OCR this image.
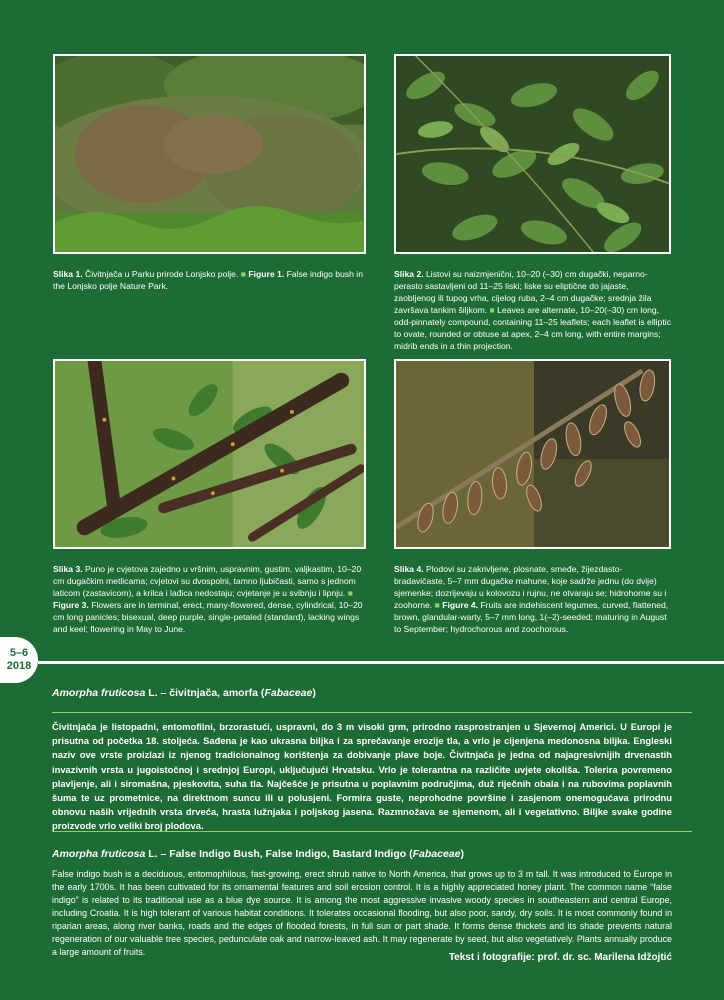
Slika 1. Čivitnjača u Parku prirode Lonjsko polje. ■ Figure 1. False indigo bush in the Lonjsko polje Nature Park.
Slika 2. Listovi su naizmjenični, 10–20 (–30) cm dugački, neparno-perasto sastavljeni od 11–25 liski; liske su eliptične do jajaste, zaobljenog ili tupog vrha, cijelog ruba, 2–4 cm dugačke; srednja žila završava tankim šiljkom. ■ Leaves are alternate, 10–20(–30) cm long, odd-pinnately compound, containing 11–25 leaflets; each leaflet is elliptic to ovate, rounded or obtuse at apex, 2–4 cm long, with entire margins; midrib ends in a thin projection.
Slika 3. Puno je cvjetova zajedno u vršnim, uspravnim, gustim, valjkastim, 10–20 cm dugačkim metlicama; cvjetovi su dvospolni, tamno ljubičasti, samo s jednom laticom (zastavicom), a krilca i lađica nedostaju; cvjetanje je u svibnju i lipnju. ■ Figure 3. Flowers are in terminal, erect, many-flowered, dense, cylindrical, 10–20 cm long panicles; bisexual, deep purple, single-petaled (standard), lacking wings and keel; flowering in May to June.
Slika 4. Plodovi su zakrivljene, plosnate, smeđe, žijezdasto-bradavičaste, 5–7 mm dugačke mahune, koje sadrže jednu (do dvije) sjemenke; dozrijevaju u kolovozu i rujnu, ne otvaraju se; hidrohorne su i zoohorne. ■ Figure 4. Fruits are indehiscent legumes, curved, flattened, brown, glandular-warty, 5–7 mm long, 1(–2)-seeded; maturing in August to September; hydrochorous and zoochorous.
5–6
2018
Amorpha fruticosa L. – čivitnjača, amorfa (Fabaceae)
Čivitnjača je listopadni, entomofilni, brzorastući, uspravni, do 3 m visoki grm, prirodno rasprostranjen u Sjevernoj Americi. U Europi je prisutna od početka 18. stoljeća. Sađena je kao ukrasna biljka i za sprečavanje erozije tla, a vrlo je cijenjena medonosna biljka. Engleski naziv ove vrste proizlazi iz njenog tradicionalnog korištenja za dobivanje plave boje. Čivitnjača je jedna od najagresivnijih drvenastih invazivnih vrsta u jugoistočnoj i srednjoj Europi, uključujući Hrvatsku. Vrlo je tolerantna na različite uvjete okoliša. Tolerira povremeno plavljenje, ali i siromašna, pjeskovita, suha tla. Najčešće je prisutna u poplavnim područjima, duž riječnih obala i na rubovima poplavnih šuma te uz prometnice, na direktnom suncu ili u polusjeni. Formira guste, neprohodne površine i zasjenom onemogućava prirodnu obnovu naših vrijednih vrsta drveća, hrasta lužnjaka i poljskog jasena. Razmnožava se sjemenom, ali i vegetativno. Biljke svake godine proizvode vrlo veliki broj plodova.
Amorpha fruticosa L. – False Indigo Bush, False Indigo, Bastard Indigo (Fabaceae)
False indigo bush is a deciduous, entomophilous, fast-growing, erect shrub native to North America, that grows up to 3 m tall. It was introduced to Europe in the early 1700s. It has been cultivated for its ornamental features and soil erosion control. It is a highly appreciated honey plant. The common name “false indigo” is related to its traditional use as a blue dye source. It is among the most aggressive invasive woody species in southeastern and central Europe, including Croatia. It is high tolerant of various habitat conditions. It tolerates occasional flooding, but also poor, sandy, dry soils. It is most commonly found in riparian areas, along river banks, roads and the edges of flooded forests, in full sun or part shade. It forms dense thickets and its shade prevents natural regeneration of our valuable tree species, pedunculate oak and narrow-leaved ash. It may regenerate by seed, but also vegetatively. Plants annually produce a large amount of fruits.	Tekst i fotografije: prof. dr. sc. Marilena Idžojtić
